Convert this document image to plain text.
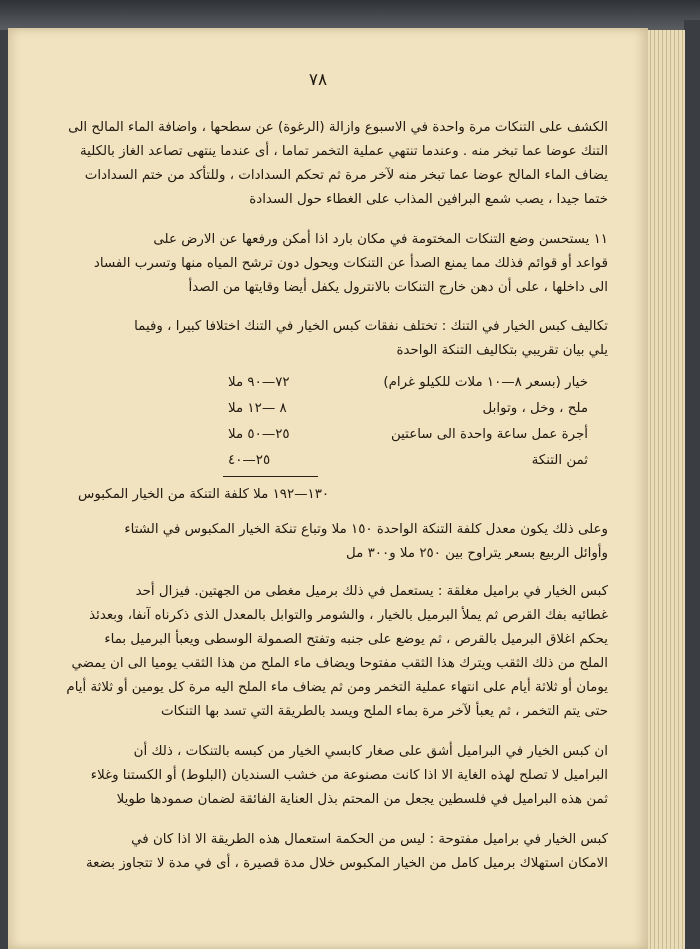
٧٨
الكشف على التنكات مرة واحدة في الاسبوع وازالة (الرغوة) عن سطحها ، واضافة الماء المالح الى
التنك عوضا عما تبخر منه . وعندما تنتهي عملية التخمر تماما ، أى عندما ينتهى تصاعد الغاز بالكلية
يضاف الماء المالح عوضا عما تبخر منه لآخر مرة ثم تحكم السدادات ، وللتأكد من ختم السدادات
ختما جيدا ، يصب شمع البرافين المذاب على الغطاء حول السدادة
١١ يستحسن وضع التنكات المختومة في مكان بارد اذا أمكن ورفعها عن الارض على
قواعد أو قوائم فذلك مما يمنع الصدأ عن التنكات ويحول دون ترشح المياه منها وتسرب الفساد
الى داخلها ، على أن دهن خارج التنكات بالانترول يكفل أيضا وقايتها من الصدأ
تكاليف كبس الخيار في التنك : تختلف نفقات كبس الخيار في التنك اختلافا كبيرا ، وفيما
يلي بيان تقريبي بتكاليف التنكة الواحدة
خيار (بسعر ٨—١٠ ملات للكيلو غرام)
٧٢—٩٠ ملا
ملح ، وخل ، وتوابل
٨ —١٢ ملا
أجرة عمل ساعة واحدة الى ساعتين
٢٥—٥٠ ملا
ثمن التنكة
٢٥—٤٠
١٣٠—١٩٢ ملا كلفة التنكة من الخيار المكبوس
وعلى ذلك يكون معدل كلفة التنكة الواحدة ١٥٠ ملا وتباع تنكة الخيار المكبوس في الشتاء
وأوائل الربيع بسعر يتراوح بين ٢٥٠ ملا و٣٠٠ مل
كبس الخيار في براميل مغلقة : يستعمل في ذلك برميل مغطى من الجهتين. فيزال أحد
غطائيه بفك القرص ثم يملأ البرميل بالخيار ، والشومر والتوابل بالمعدل الذى ذكرناه آنفا، وبعدئذ
يحكم اغلاق البرميل بالقرص ، ثم يوضع على جنبه وتفتح الصمولة الوسطى ويعبأ البرميل بماء
الملح من ذلك الثقب ويترك هذا الثقب مفتوحا ويضاف ماء الملح من هذا الثقب يوميا الى ان يمضي
يومان أو ثلاثة أيام على انتهاء عملية التخمر ومن ثم يضاف ماء الملح اليه مرة كل يومين أو ثلاثة أيام
حتى يتم التخمر ، ثم يعبأ لآخر مرة بماء الملح ويسد بالطريقة التي تسد بها التنكات
ان كبس الخيار في البراميل أشق على صغار كابسي الخيار من كبسه بالتنكات ، ذلك أن
البراميل لا تصلح لهذه الغاية الا اذا كانت مصنوعة من خشب السنديان (البلوط) أو الكستنا وغلاء
ثمن هذه البراميل في فلسطين يجعل من المحتم بذل العناية الفائقة لضمان صمودها طويلا
كبس الخيار في براميل مفتوحة : ليس من الحكمة استعمال هذه الطريقة الا اذا كان في
الامكان استهلاك برميل كامل من الخيار المكبوس خلال مدة قصيرة ، أى في مدة لا تتجاوز بضعة
